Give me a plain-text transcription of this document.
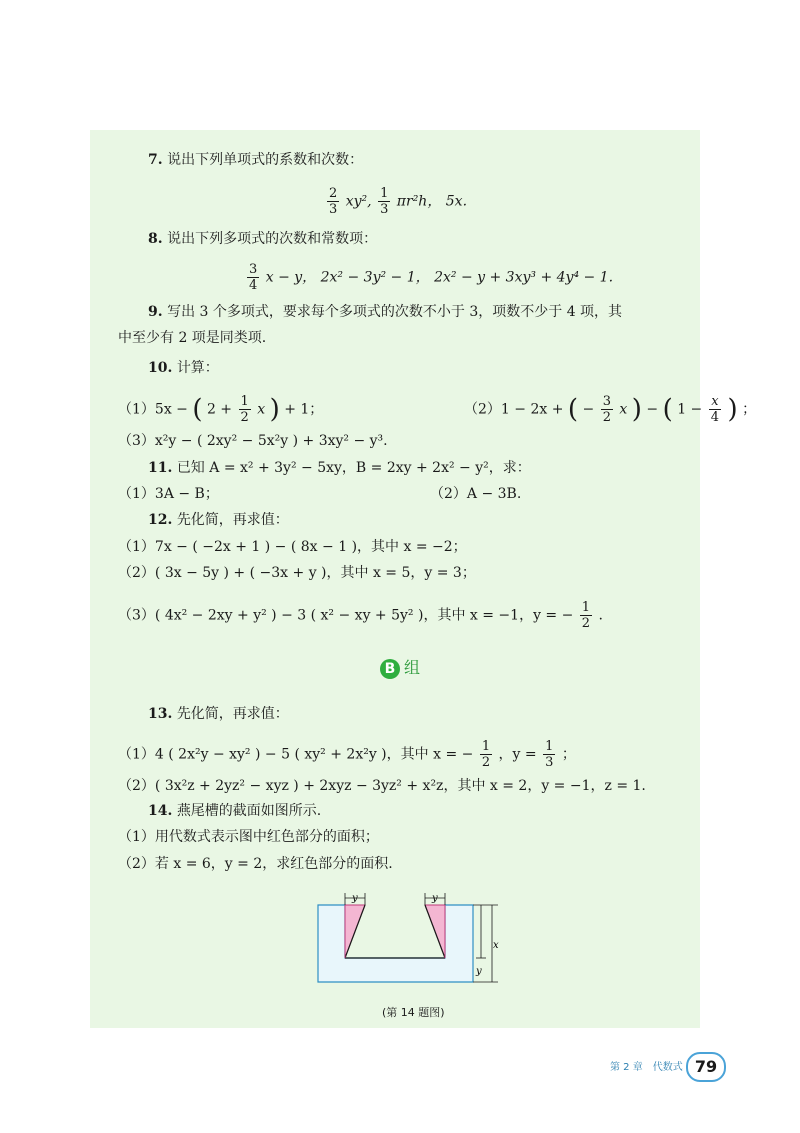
7. 说出下列单项式的系数和次数：
$\frac{2}{3} xy^2$, $\frac{1}{3} \pi r^2h$， 5x.
8. 说出下列多项式的次数和常数项：
$\frac{3}{4}$ x − y， 2x² − 3y² − 1， 2x² − y + 3xy³ + 4y⁴ − 1.
9. 写出 3 个多项式，要求每个多项式的次数不小于 3，项数不少于 4 项，其
中至少有 2 项是同类项.
10. 计算：
（1）5x − ( $2 + \frac{1}{2}$ x ) + 1；	（2）1 − 2x + ( − $\frac{3}{2}$ x ) − ( $1 - \frac{x}{4}$ ) ；
（3）x²y − ( 2xy² − 5x²y ) + 3xy² − y³.
11. 已知 A = x² + 3y² − 5xy，B = 2xy + 2x² − y²，求：
（1）3A − B；	（2）A − 3B.
12. 先化简，再求值：
（1）7x − ( −2x + 1 ) − ( 8x − 1 )，其中 x = −2；
（2）( 3x − 5y ) + ( −3x + y )，其中 x = 5，y = 3；
（3）( 4x² − 2xy + y² ) − 3 ( x² − xy + 5y² )，其中 x = −1，y = − $\frac{1}{2}$ .
B 组
13. 先化简，再求值：
（1）4 ( 2x²y − xy² ) − 5 ( xy² + 2x²y )，其中 x = − $\frac{1}{2}$ ，$y = \frac{1}{3}$ ；
（2）( 3x²z + 2yz² − xyz ) + 2xyz − 3yz² + x²z，其中 x = 2，y = −1，z = 1.
14. 燕尾槽的截面如图所示.
（1）用代数式表示图中红色部分的面积；
（2）若 x = 6，y = 2，求红色部分的面积.
y	y
x
y
(第 14 题图)
第 2 章　代数式 79
